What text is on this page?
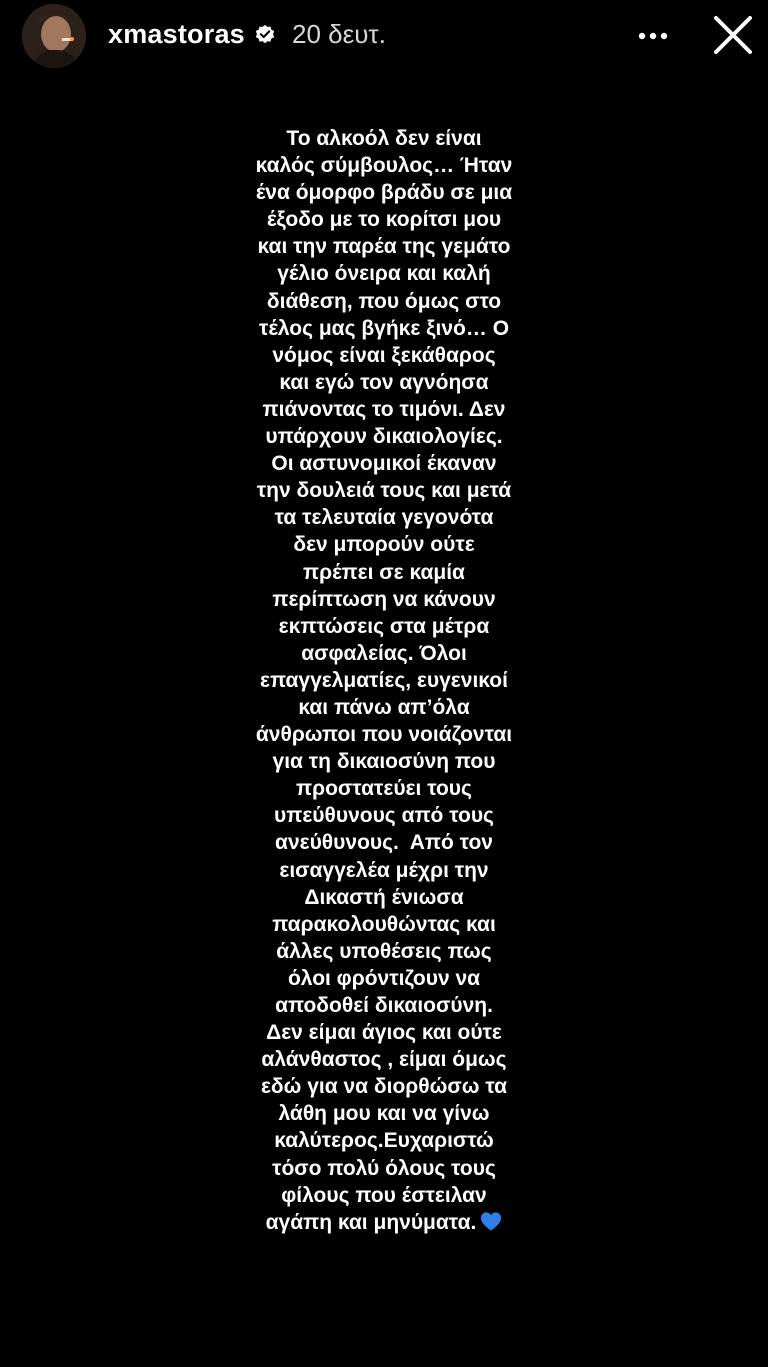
xmastoras 20 δευτ.
Το αλκοόλ δεν είναι
καλός σύμβουλος… Ήταν
ένα όμορφο βράδυ σε μια
έξοδο με το κορίτσι μου
και την παρέα της γεμάτο
γέλιο όνειρα και καλή
διάθεση, που όμως στο
τέλος μας βγήκε ξινό… Ο
νόμος είναι ξεκάθαρος
και εγώ τον αγνόησα
πιάνοντας το τιμόνι. Δεν
υπάρχουν δικαιολογίες.
Οι αστυνομικοί έκαναν
την δουλειά τους και μετά
τα τελευταία γεγονότα
δεν μπορούν ούτε
πρέπει σε καμία
περίπτωση να κάνουν
εκπτώσεις στα μέτρα
ασφαλείας. Όλοι
επαγγελματίες, ευγενικοί
και πάνω απ’όλα
άνθρωποι που νοιάζονται
για τη δικαιοσύνη που
προστατεύει τους
υπεύθυνους από τους
ανεύθυνους.  Από τον
εισαγγελέα μέχρι την
Δικαστή ένιωσα
παρακολουθώντας και
άλλες υποθέσεις πως
όλοι φρόντιζουν να
αποδοθεί δικαιοσύνη.
Δεν είμαι άγιος και ούτε
αλάνθαστος , είμαι όμως
εδώ για να διορθώσω τα
λάθη μου και να γίνω
καλύτερος.Ευχαριστώ
τόσο πολύ όλους τους
φίλους που έστειλαν
αγάπη και μηνύματα.
